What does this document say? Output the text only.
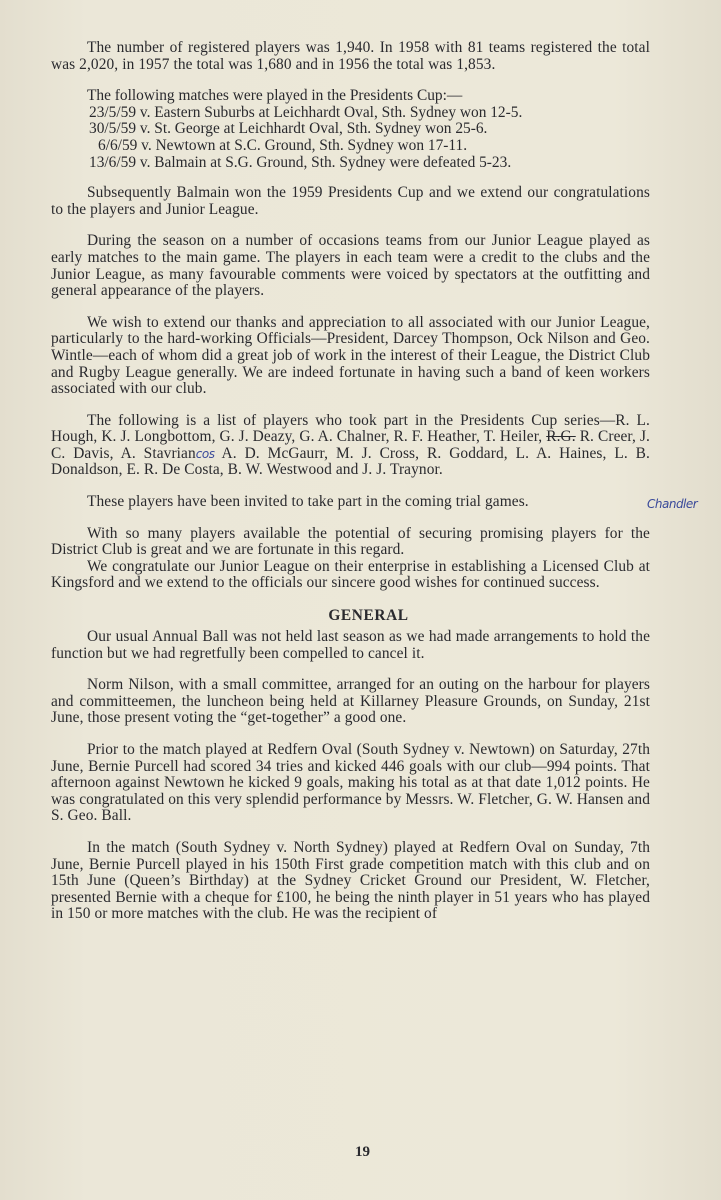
The number of registered players was 1,940. In 1958 with 81 teams registered the total was 2,020, in 1957 the total was 1,680 and in 1956 the total was 1,853.

The following matches were played in the Presidents Cup:—

23/5/59 v. Eastern Suburbs at Leichhardt Oval, Sth. Sydney won 12-5.
30/5/59 v. St. George at Leichhardt Oval, Sth. Sydney won 25-6.
6/6/59 v. Newtown at S.C. Ground, Sth. Sydney won 17-11.
13/6/59 v. Balmain at S.G. Ground, Sth. Sydney were defeated 5-23.

Subsequently Balmain won the 1959 Presidents Cup and we extend our congratulations to the players and Junior League.

During the season on a number of occasions teams from our Junior League played as early matches to the main game. The players in each team were a credit to the clubs and the Junior League, as many favourable comments were voiced by spectators at the outfitting and general appearance of the players.

We wish to extend our thanks and appreciation to all associated with our Junior League, particularly to the hard-working Officials—President, Darcey Thompson, Ock Nilson and Geo. Wintle—each of whom did a great job of work in the interest of their League, the District Club and Rugby League generally. We are indeed fortunate in having such a band of keen workers associated with our club.

The following is a list of players who took part in the Presidents Cup series—R. L. Hough, K. J. Longbottom, G. J. Deazy, G. A. Chalner, R. F. Heather, T. Heiler, R.G. R. Creer, J. C. Davis, A. Stavriancos A. D. McGaurr, M. J. Cross, R. Goddard, L. A. Haines, L. B. Donaldson, E. R. De Costa, B. W. Westwood and J. J. Traynor.

These players have been invited to take part in the coming trial games.

With so many players available the potential of securing promising players for the District Club is great and we are fortunate in this regard.

We congratulate our Junior League on their enterprise in establishing a Licensed Club at Kingsford and we extend to the officials our sincere good wishes for continued success.

GENERAL

Our usual Annual Ball was not held last season as we had made arrangements to hold the function but we had regretfully been compelled to cancel it.

Norm Nilson, with a small committee, arranged for an outing on the harbour for players and committeemen, the luncheon being held at Killarney Pleasure Grounds, on Sunday, 21st June, those present voting the “get-together” a good one.

Prior to the match played at Redfern Oval (South Sydney v. Newtown) on Saturday, 27th June, Bernie Purcell had scored 34 tries and kicked 446 goals with our club—994 points. That afternoon against Newtown he kicked 9 goals, making his total as at that date 1,012 points. He was congratulated on this very splendid performance by Messrs. W. Fletcher, G. W. Hansen and S. Geo. Ball.

In the match (South Sydney v. North Sydney) played at Redfern Oval on Sunday, 7th June, Bernie Purcell played in his 150th First grade competition match with this club and on 15th June (Queen’s Birthday) at the Sydney Cricket Ground our President, W. Fletcher, presented Bernie with a cheque for £100, he being the ninth player in 51 years who has played in 150 or more matches with the club. He was the recipient of

Chandler
19
